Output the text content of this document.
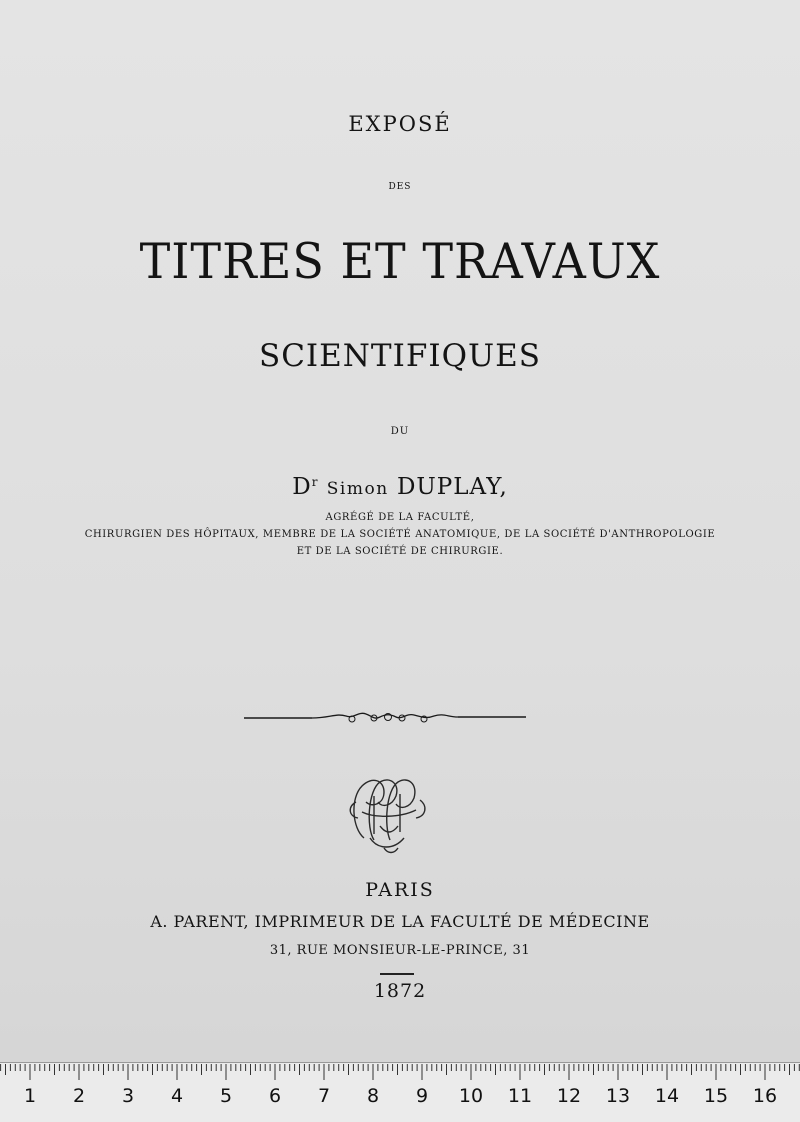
EXPOSÉ
DES
TITRES ET TRAVAUX
SCIENTIFIQUES
DU
$D^r$ Simon DUPLAY,
AGRÉGÉ DE LA FACULTÉ,
CHIRURGIEN DES HÔPITAUX, MEMBRE DE LA SOCIÉTÉ ANATOMIQUE, DE LA SOCIÉTÉ D'ANTHROPOLOGIE
ET DE LA SOCIÉTÉ DE CHIRURGIE.
PARIS
A. PARENT, IMPRIMEUR DE LA FACULTÉ DE MÉDECINE
31, RUE MONSIEUR-LE-PRINCE, 31
1872
1 2 3 4 5 6 7 8 9 10 11 12 13 14 15 16
